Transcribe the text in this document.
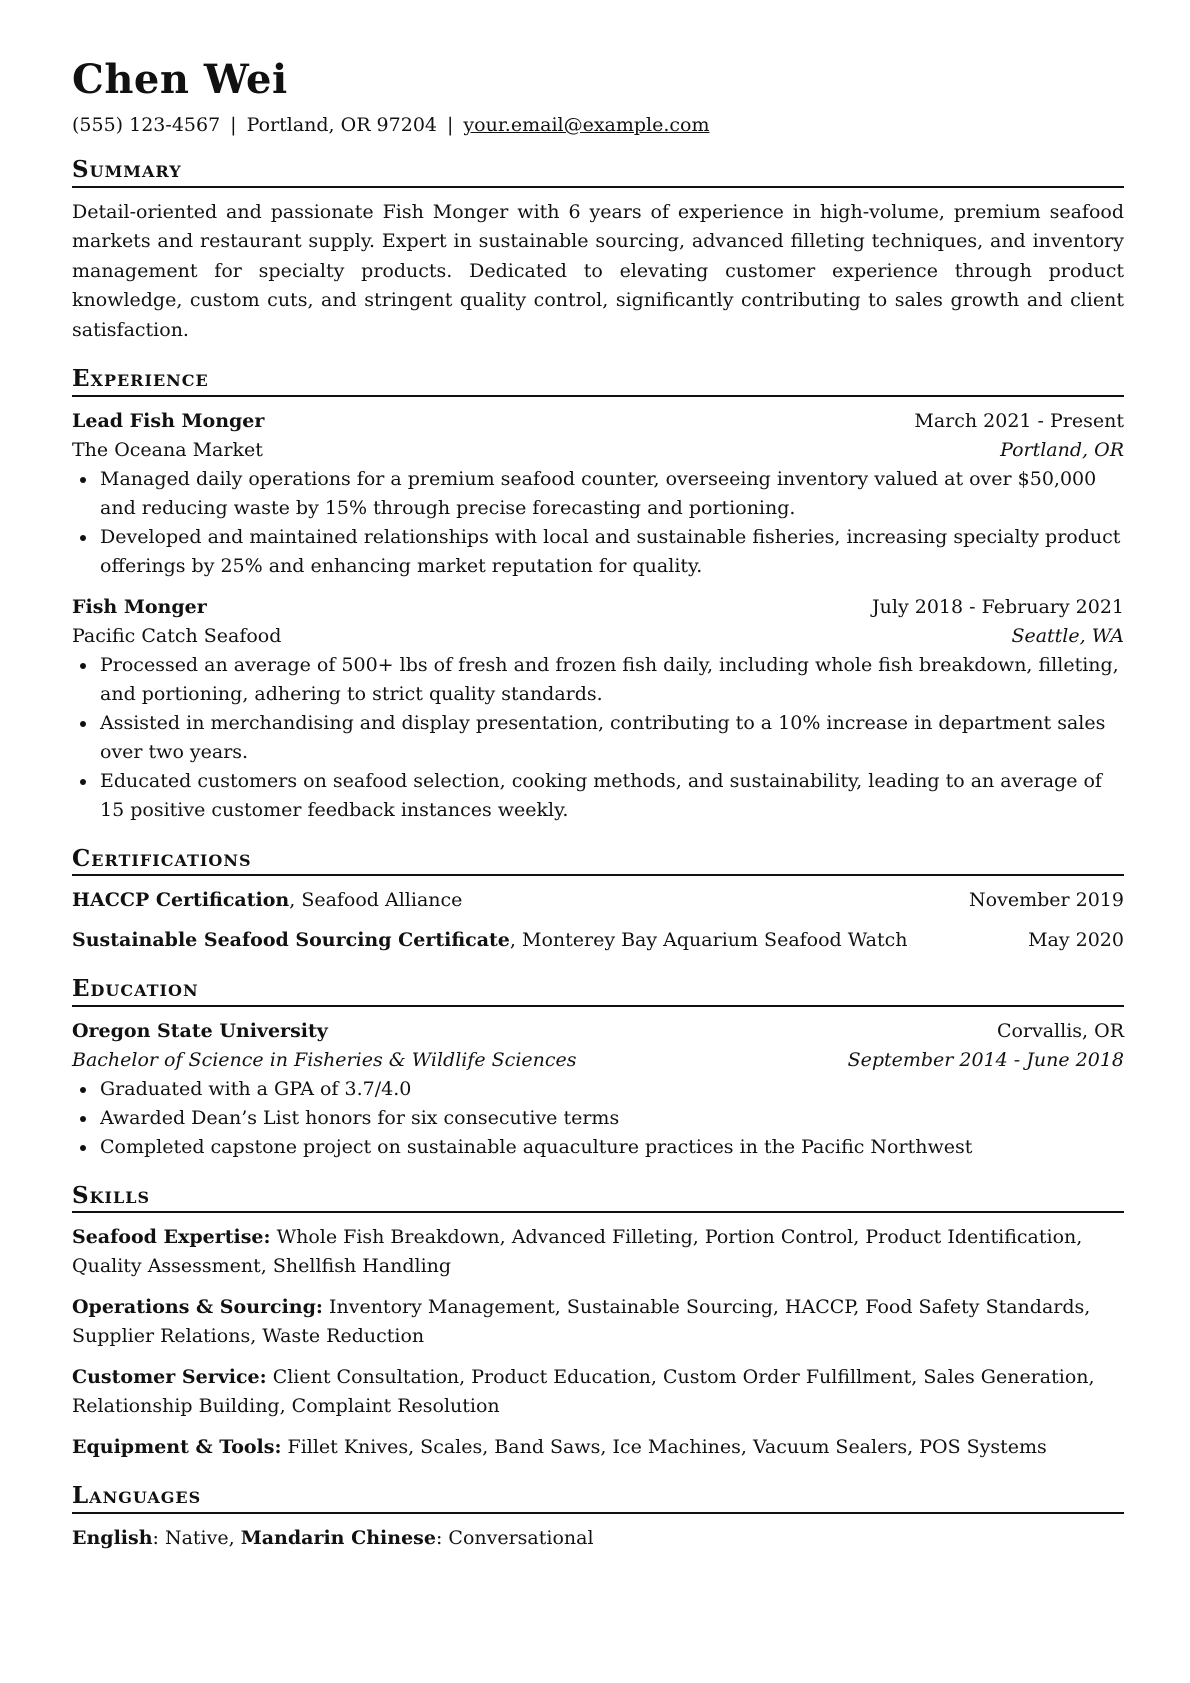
Chen Wei
(555) 123-4567 | Portland, OR 97204 | your.email@example.com
Summary

Detail-oriented and passionate Fish Monger with 6 years of experience in high-volume, premium seafood markets and restaurant supply. Expert in sustainable sourcing, advanced filleting techniques, and inventory management for specialty products. Dedicated to elevating customer experience through product knowledge, custom cuts, and stringent quality control, significantly contributing to sales growth and client satisfaction.

Experience
Lead Fish Monger	March 2021 - Present
The Oceana Market	Portland, OR
• Managed daily operations for a premium seafood counter, overseeing inventory valued at over $50,000 and reducing waste by 15% through precise forecasting and portioning.
• Developed and maintained relationships with local and sustainable fisheries, increasing specialty product offerings by 25% and enhancing market reputation for quality.
Fish Monger	July 2018 - February 2021
Pacific Catch Seafood	Seattle, WA
• Processed an average of 500+ lbs of fresh and frozen fish daily, including whole fish breakdown, filleting, and portioning, adhering to strict quality standards.
• Assisted in merchandising and display presentation, contributing to a 10% increase in department sales over two years.
• Educated customers on seafood selection, cooking methods, and sustainability, leading to an average of 15 positive customer feedback instances weekly.
Certifications
HACCP Certification, Seafood Alliance	November 2019
Sustainable Seafood Sourcing Certificate, Monterey Bay Aquarium Seafood Watch	May 2020
Education
Oregon State University	Corvallis, OR
Bachelor of Science in Fisheries & Wildlife Sciences	September 2014 - June 2018
• Graduated with a GPA of 3.7/4.0
• Awarded Dean’s List honors for six consecutive terms
• Completed capstone project on sustainable aquaculture practices in the Pacific Northwest
Skills
Seafood Expertise: Whole Fish Breakdown, Advanced Filleting, Portion Control, Product Identification, Quality Assessment, Shellfish Handling
Operations & Sourcing: Inventory Management, Sustainable Sourcing, HACCP, Food Safety Standards, Supplier Relations, Waste Reduction
Customer Service: Client Consultation, Product Education, Custom Order Fulfillment, Sales Generation, Relationship Building, Complaint Resolution
Equipment & Tools: Fillet Knives, Scales, Band Saws, Ice Machines, Vacuum Sealers, POS Systems
Languages
English: Native, Mandarin Chinese: Conversational
